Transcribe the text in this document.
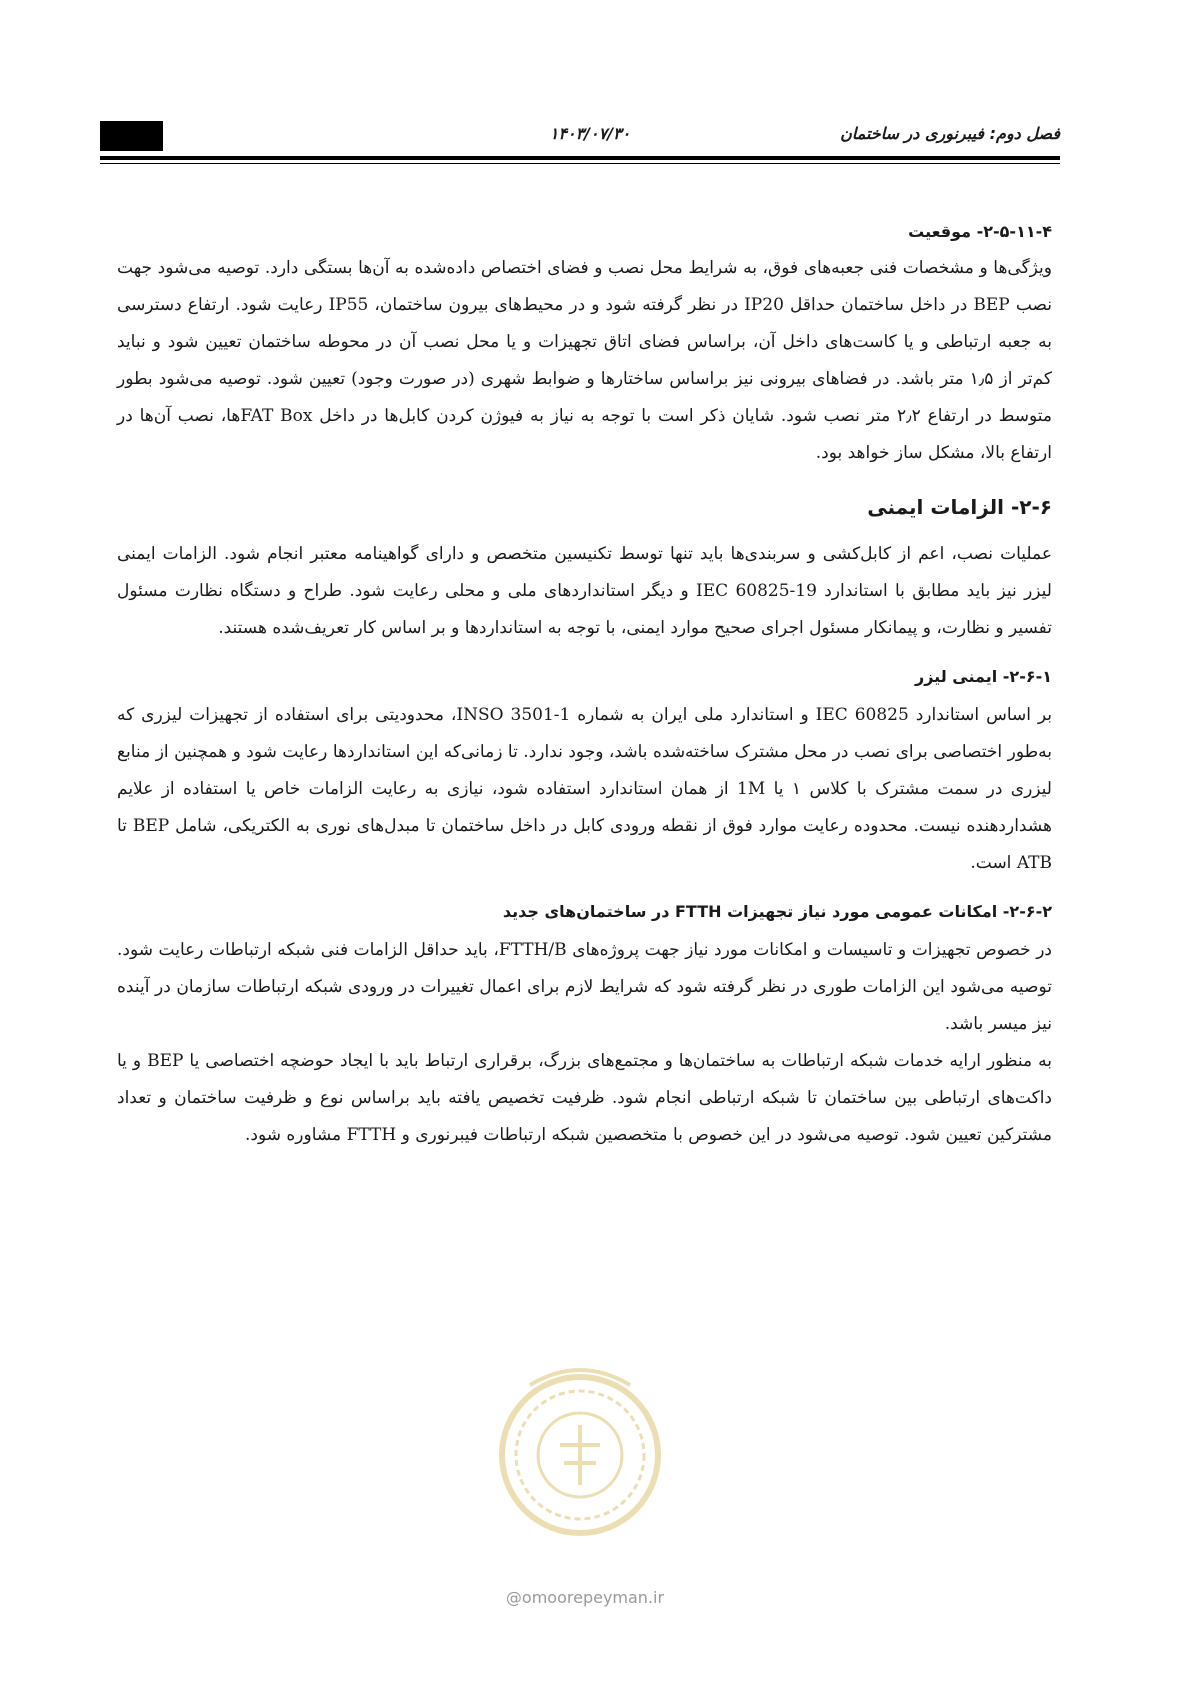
۱۴۰۳/۰۷/۳۰	فصل دوم: فیبرنوری در ساختمان
۲-۵-۱۱-۴- موقعیت

ویژگی‌ها و مشخصات فنی جعبه‌های فوق، به شرایط محل نصب و فضای اختصاص داده‌شده به آن‌ها بستگی دارد. توصیه می‌شود جهت نصب BEP در داخل ساختمان حداقل IP20 در نظر گرفته شود و در محیط‌های بیرون ساختمان، IP55 رعایت شود. ارتفاع دسترسی به جعبه ارتباطی و یا کاست‌های داخل آن، براساس فضای اتاق تجهیزات و یا محل نصب آن در محوطه ساختمان تعیین شود و نباید کم‌تر از ۱٫۵ متر باشد. در فضاهای بیرونی نیز براساس ساختارها و ضوابط شهری (در صورت وجود) تعیین شود. توصیه می‌شود بطور متوسط در ارتفاع ۲٫۲ متر نصب شود. شایان ذکر است با توجه به نیاز به فیوژن کردن کابل‌ها در داخل FAT Boxها، نصب آن‌ها در ارتفاع بالا، مشکل ساز خواهد بود.

۲-۶- الزامات ایمنی

عملیات نصب، اعم از کابل‌کشی و سربندی‌ها باید تنها توسط تکنیسین متخصص و دارای گواهینامه معتبر انجام شود. الزامات ایمنی لیزر نیز باید مطابق با استاندارد IEC 60825-19 و دیگر استانداردهای ملی و محلی رعایت شود. طراح و دستگاه نظارت مسئول تفسیر و نظارت، و پیمانکار مسئول اجرای صحیح موارد ایمنی، با توجه به استانداردها و بر اساس کار تعریف‌شده هستند.

۲-۶-۱- ایمنی لیزر

بر اساس استاندارد IEC 60825 و استاندارد ملی ایران به شماره INSO 3501-1، محدودیتی برای استفاده از تجهیزات لیزری که به‌طور اختصاصی برای نصب در محل مشترک ساخته‌شده باشد، وجود ندارد. تا زمانی‌که این استانداردها رعایت شود و همچنین از منابع لیزری در سمت مشترک با کلاس ۱ یا 1M از همان استاندارد استفاده شود، نیازی به رعایت الزامات خاص یا استفاده از علایم هشداردهنده نیست. محدوده رعایت موارد فوق از نقطه ورودی کابل در داخل ساختمان تا مبدل‌های نوری به الکتریکی، شامل BEP تا ATB است.

۲-۶-۲- امکانات عمومی مورد نیاز تجهیزات FTTH در ساختمان‌های جدید

در خصوص تجهیزات و تاسیسات و امکانات مورد نیاز جهت پروژه‌های FTTH/B، باید حداقل الزامات فنی شبکه ارتباطات رعایت شود. توصیه می‌شود این الزامات طوری در نظر گرفته شود که شرایط لازم برای اعمال تغییرات در ورودی شبکه ارتباطات سازمان در آینده نیز میسر باشد.

به منظور ارایه خدمات شبکه ارتباطات به ساختمان‌ها و مجتمع‌های بزرگ، برقراری ارتباط باید با ایجاد حوضچه اختصاصی یا BEP و یا داکت‌های ارتباطی بین ساختمان تا شبکه ارتباطی انجام شود. ظرفیت تخصیص یافته باید براساس نوع و ظرفیت ساختمان و تعداد مشترکین تعیین شود. توصیه می‌شود در این خصوص با متخصصین شبکه ارتباطات فیبرنوری و FTTH مشاوره شود.

@omoorepeyman.ir
